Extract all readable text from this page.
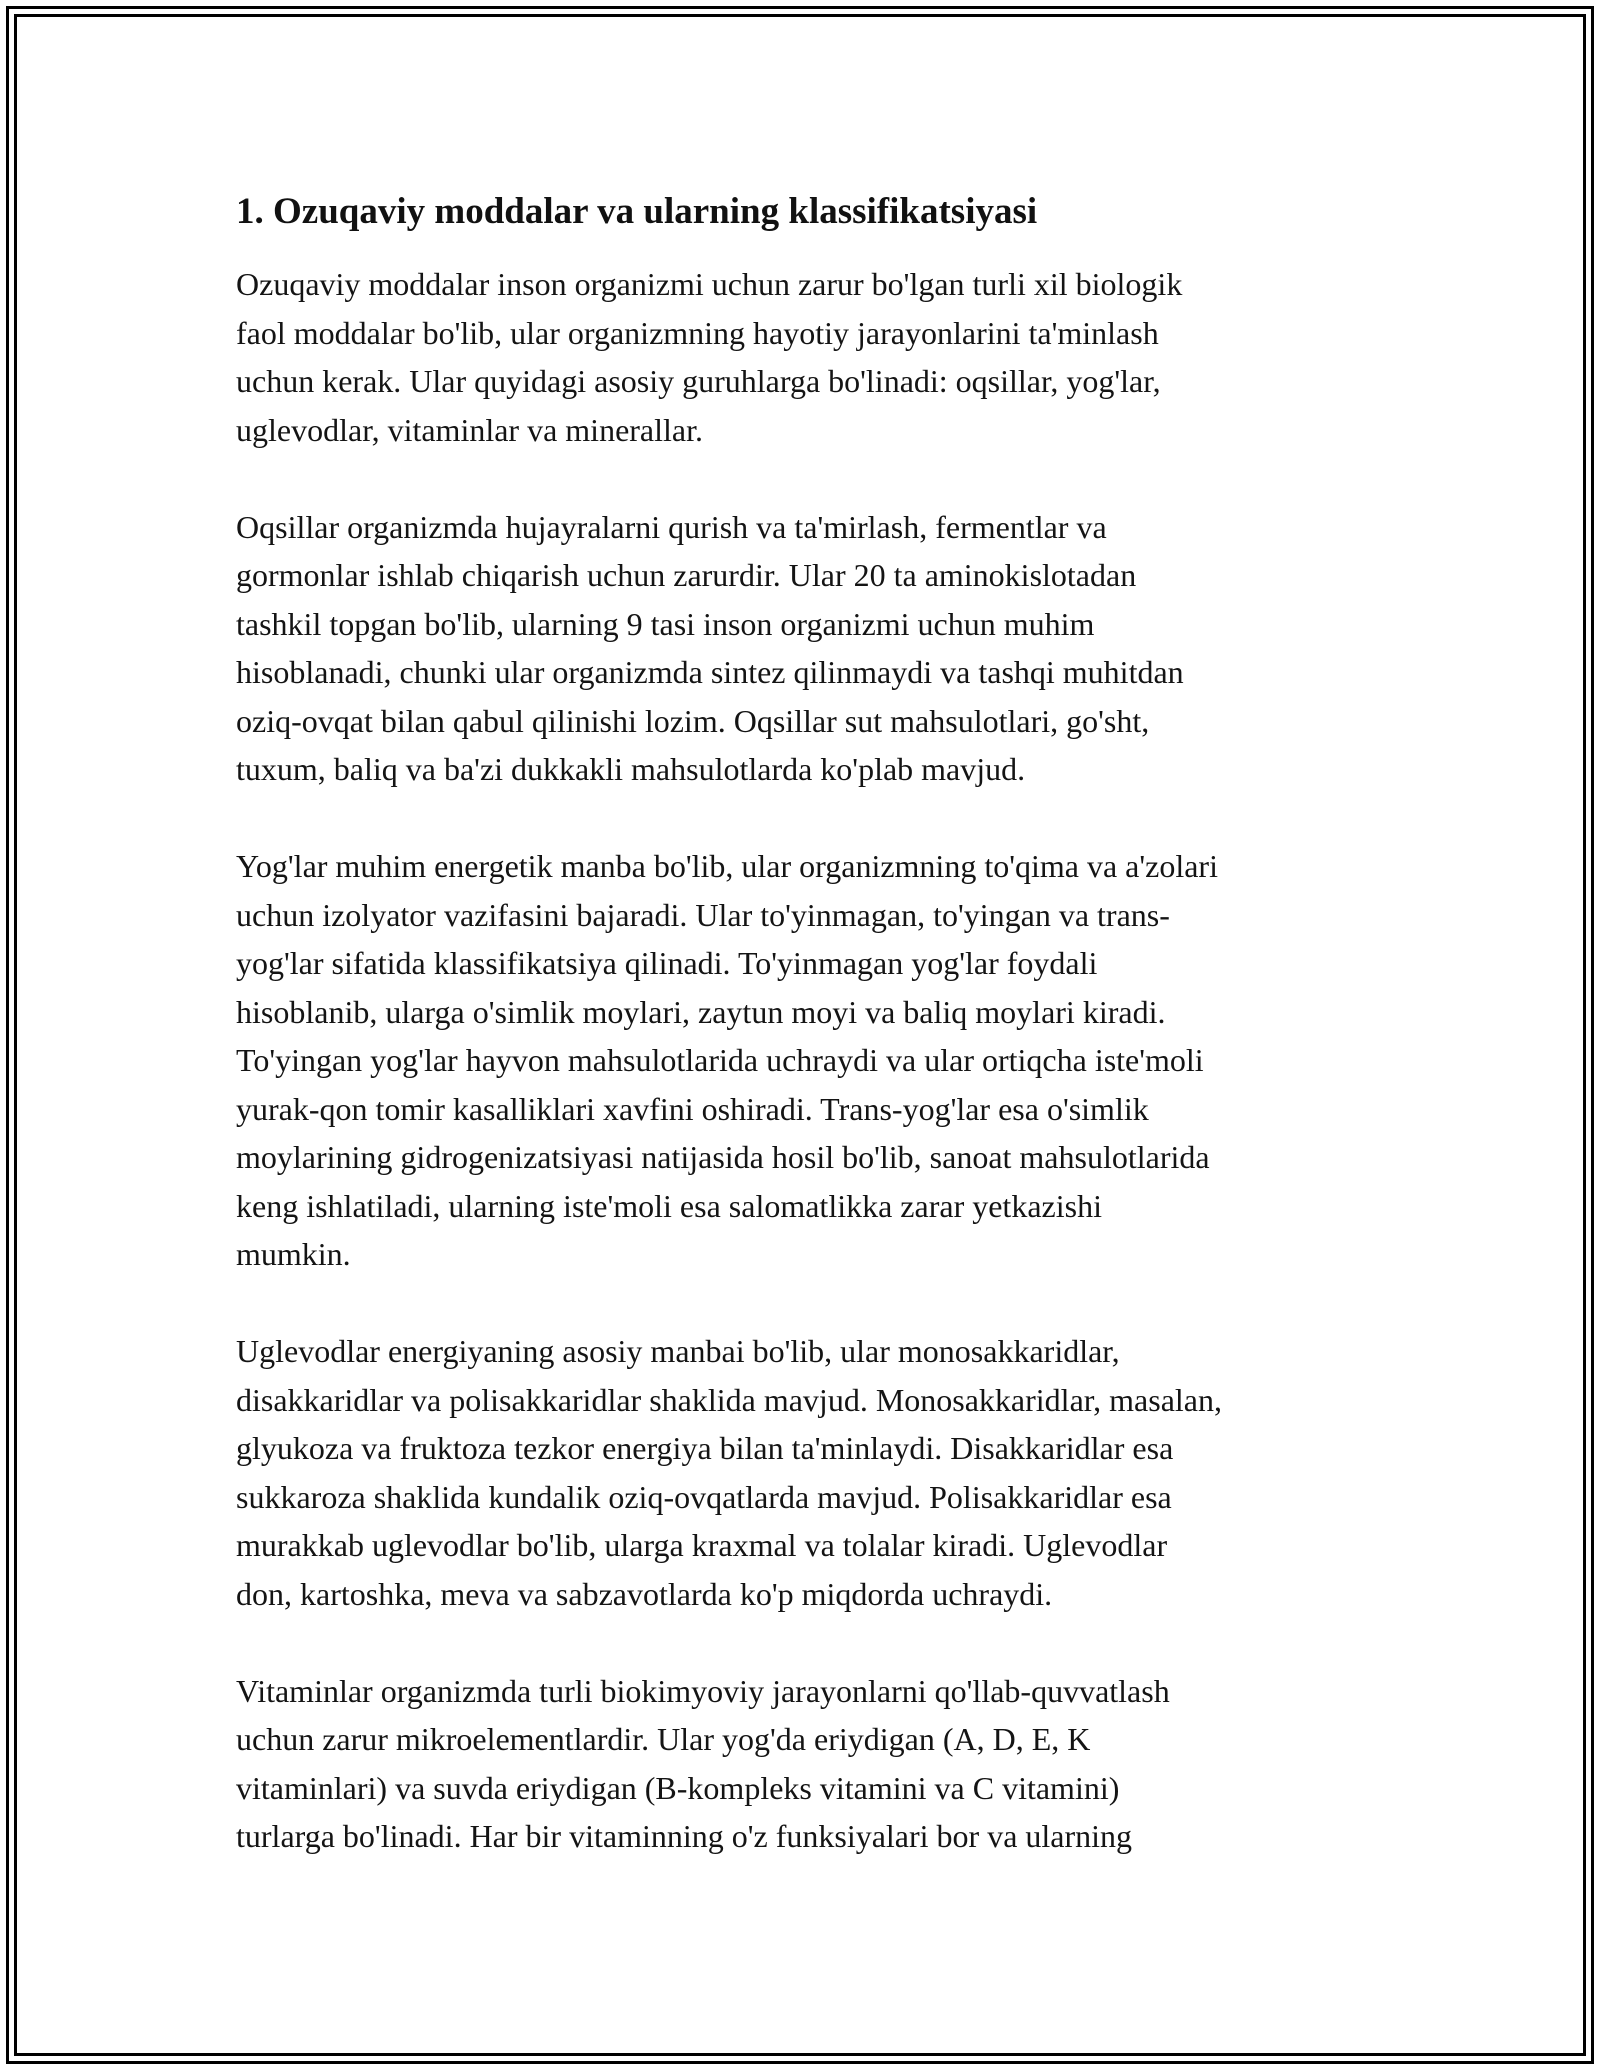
1. Ozuqaviy moddalar va ularning klassifikatsiyasi

Ozuqaviy moddalar inson organizmi uchun zarur bo'lgan turli xil biologik
faol moddalar bo'lib, ular organizmning hayotiy jarayonlarini ta'minlash
uchun kerak. Ular quyidagi asosiy guruhlarga bo'linadi: oqsillar, yog'lar,
uglevodlar, vitaminlar va minerallar.

Oqsillar organizmda hujayralarni qurish va ta'mirlash, fermentlar va
gormonlar ishlab chiqarish uchun zarurdir. Ular 20 ta aminokislotadan
tashkil topgan bo'lib, ularning 9 tasi inson organizmi uchun muhim
hisoblanadi, chunki ular organizmda sintez qilinmaydi va tashqi muhitdan
oziq-ovqat bilan qabul qilinishi lozim. Oqsillar sut mahsulotlari, go'sht,
tuxum, baliq va ba'zi dukkakli mahsulotlarda ko'plab mavjud.

Yog'lar muhim energetik manba bo'lib, ular organizmning to'qima va a'zolari
uchun izolyator vazifasini bajaradi. Ular to'yinmagan, to'yingan va trans-
yog'lar sifatida klassifikatsiya qilinadi. To'yinmagan yog'lar foydali
hisoblanib, ularga o'simlik moylari, zaytun moyi va baliq moylari kiradi.
To'yingan yog'lar hayvon mahsulotlarida uchraydi va ular ortiqcha iste'moli
yurak-qon tomir kasalliklari xavfini oshiradi. Trans-yog'lar esa o'simlik
moylarining gidrogenizatsiyasi natijasida hosil bo'lib, sanoat mahsulotlarida
keng ishlatiladi, ularning iste'moli esa salomatlikka zarar yetkazishi
mumkin.

Uglevodlar energiyaning asosiy manbai bo'lib, ular monosakkaridlar,
disakkaridlar va polisakkaridlar shaklida mavjud. Monosakkaridlar, masalan,
glyukoza va fruktoza tezkor energiya bilan ta'minlaydi. Disakkaridlar esa
sukkaroza shaklida kundalik oziq-ovqatlarda mavjud. Polisakkaridlar esa
murakkab uglevodlar bo'lib, ularga kraxmal va tolalar kiradi. Uglevodlar
don, kartoshka, meva va sabzavotlarda ko'p miqdorda uchraydi.

Vitaminlar organizmda turli biokimyoviy jarayonlarni qo'llab-quvvatlash
uchun zarur mikroelementlardir. Ular yog'da eriydigan (A, D, E, K
vitaminlari) va suvda eriydigan (B-kompleks vitamini va C vitamini)
turlarga bo'linadi. Har bir vitaminning o'z funksiyalari bor va ularning
